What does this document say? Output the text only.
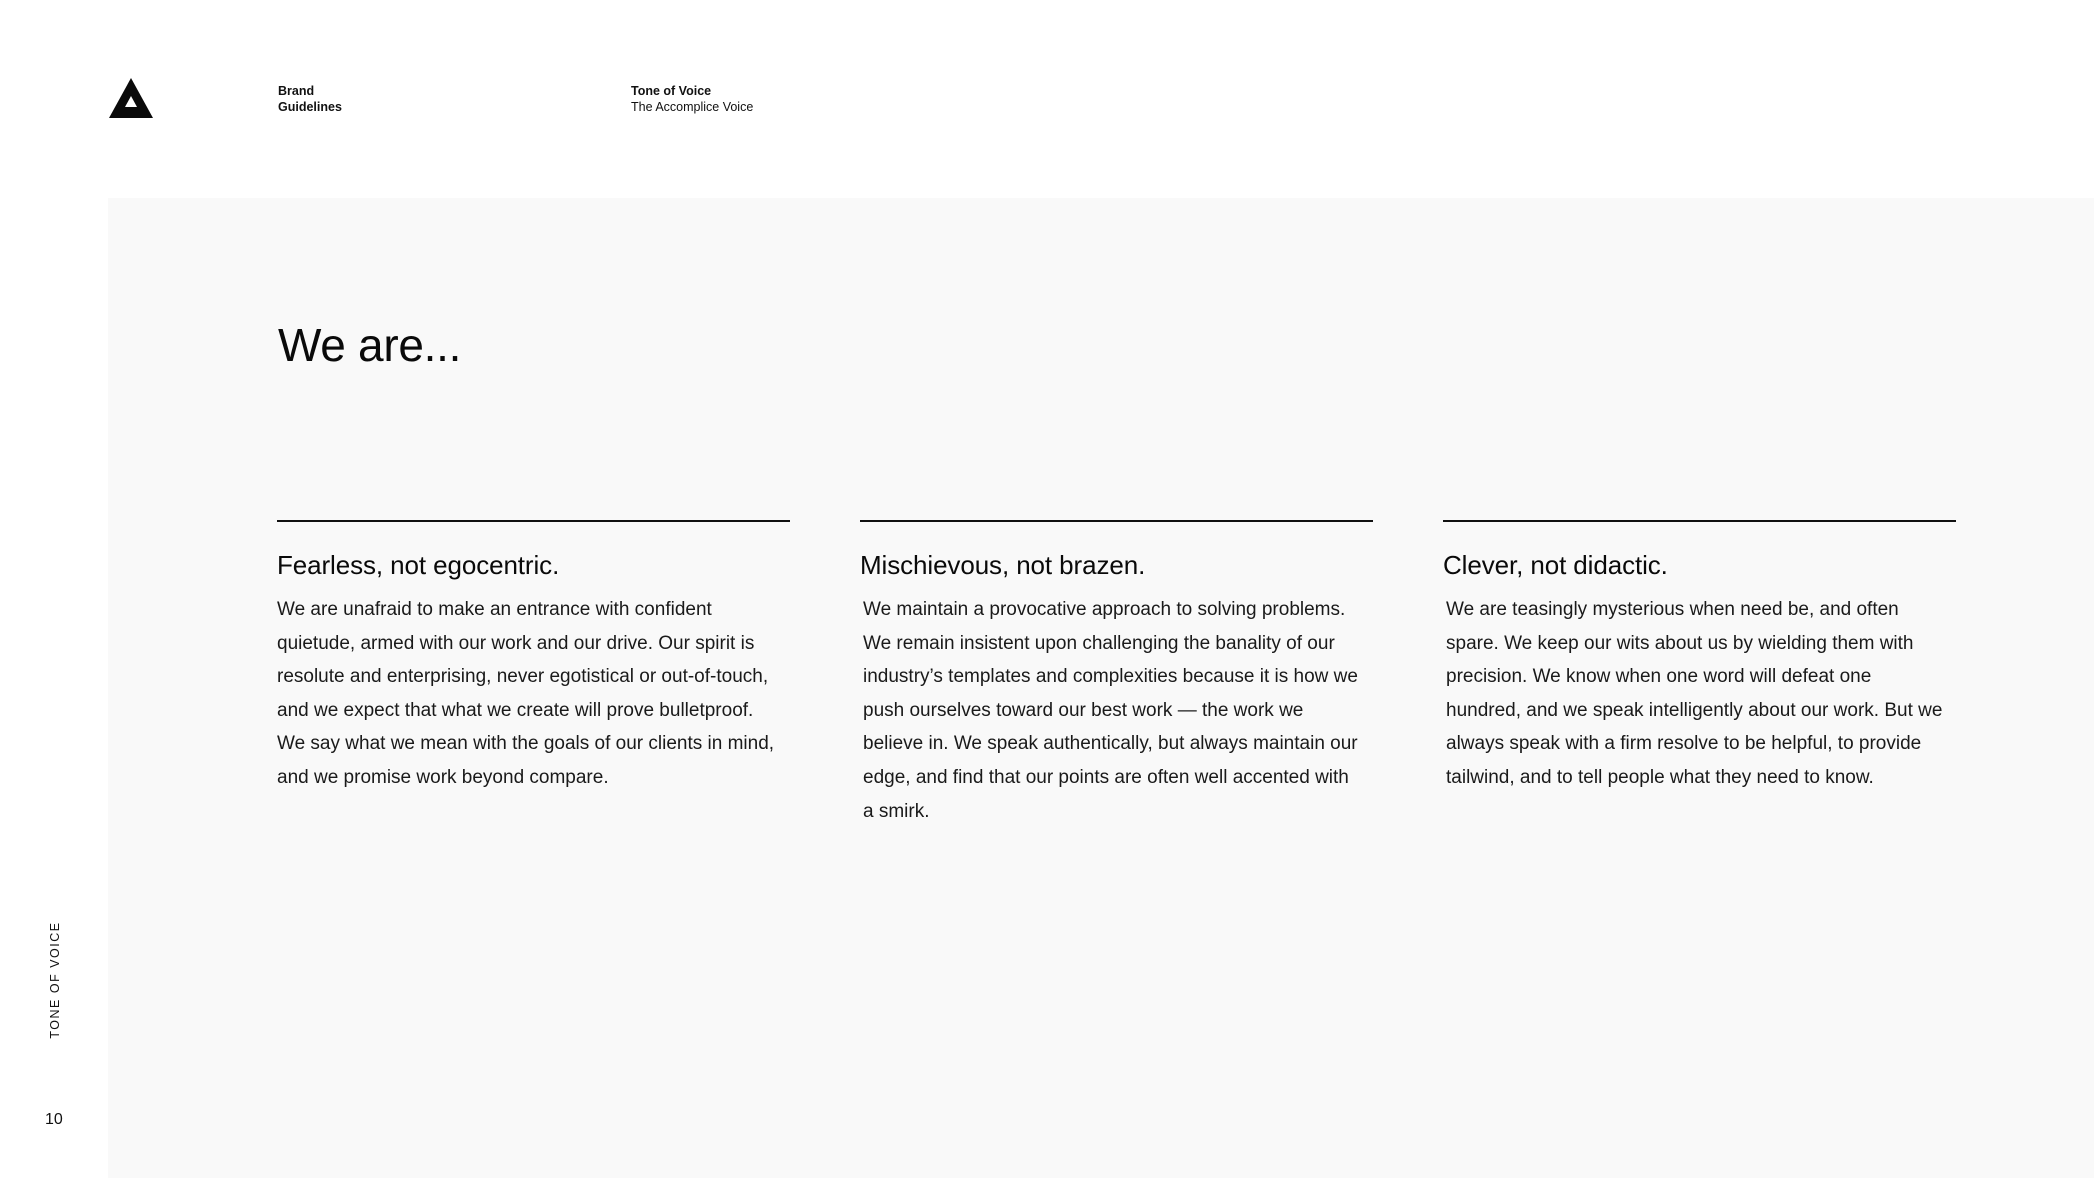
Brand
Guidelines
Tone of Voice
The Accomplice Voice
We are...
Fearless, not egocentric.

We are unafraid to make an entrance with confident quietude, armed with our work and our drive. Our spirit is resolute and enterprising, never egotistical or out-of-touch, and we expect that what we create will prove bulletproof. We say what we mean with the goals of our clients in mind, and we promise work beyond compare.

Mischievous, not brazen.

We maintain a provocative approach to solving problems. We remain insistent upon challenging the banality of our industry’s templates and complexities because it is how we push ourselves toward our best work — the work we believe in. We speak authentically, but always maintain our edge, and find that our points are often well accented with a smirk.

Clever, not didactic.

We are teasingly mysterious when need be, and often spare. We keep our wits about us by wielding them with precision. We know when one word will defeat one hundred, and we speak intelligently about our work. But we always speak with a firm resolve to be helpful, to provide tailwind, and to tell people what they need to know.

TONE OF VOICE
10
